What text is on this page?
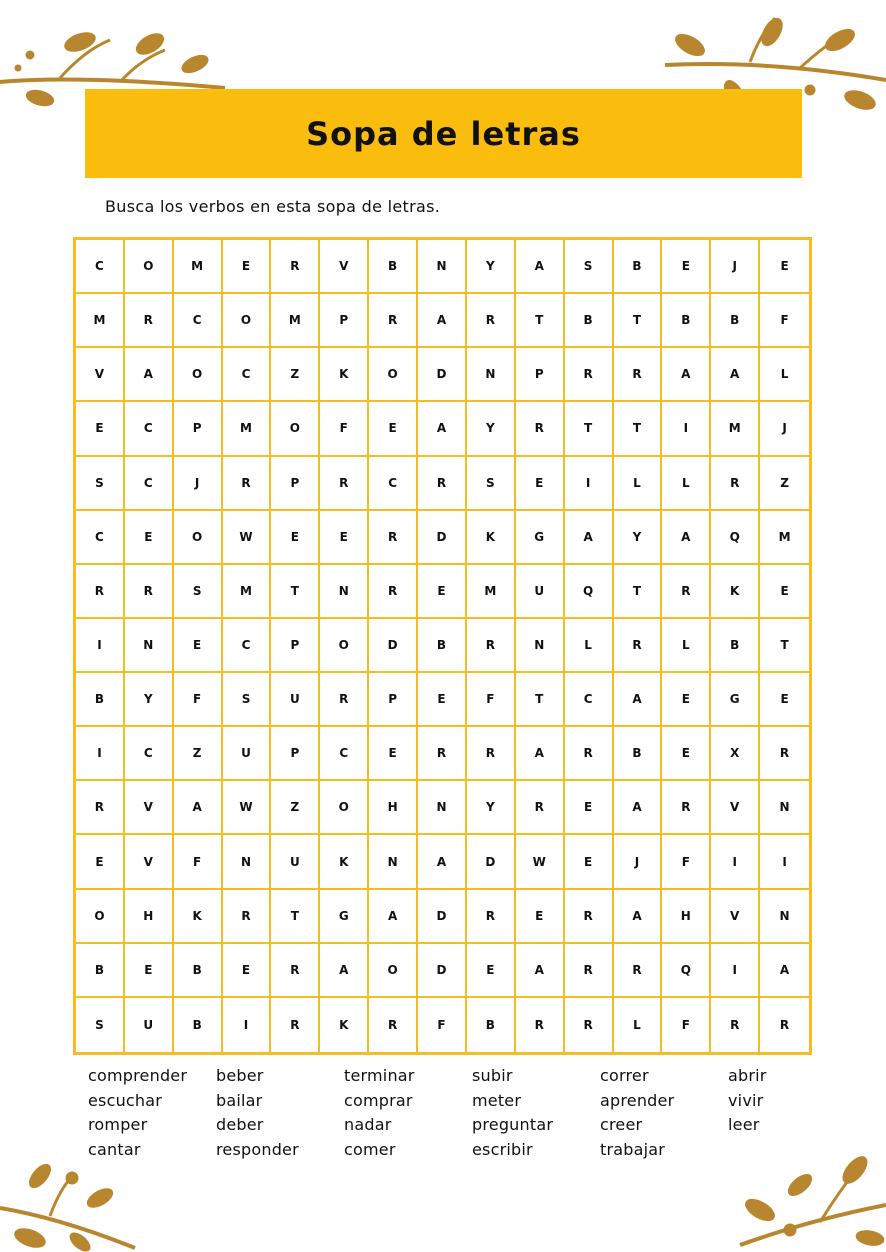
Sopa de letras
Busca los verbos en esta sopa de letras.
C	O	M	E	R	V	B	N	Y	A	S	B	E	J	E
M	R	C	O	M	P	R	A	R	T	B	T	B	B	F
V	A	O	C	Z	K	O	D	N	P	R	R	A	A	L
E	C	P	M	O	F	E	A	Y	R	T	T	I	M	J
S	C	J	R	P	R	C	R	S	E	I	L	L	R	Z
C	E	O	W	E	E	R	D	K	G	A	Y	A	Q	M
R	R	S	M	T	N	R	E	M	U	Q	T	R	K	E
I	N	E	C	P	O	D	B	R	N	L	R	L	B	T
B	Y	F	S	U	R	P	E	F	T	C	A	E	G	E
I	C	Z	U	P	C	E	R	R	A	R	B	E	X	R
R	V	A	W	Z	O	H	N	Y	R	E	A	R	V	N
E	V	F	N	U	K	N	A	D	W	E	J	F	I	I
O	H	K	R	T	G	A	D	R	E	R	A	H	V	N
B	E	B	E	R	A	O	D	E	A	R	R	Q	I	A
S	U	B	I	R	K	R	F	B	R	R	L	F	R	R
comprender
escuchar
romper
cantar
beber
bailar
deber
responder
terminar
comprar
nadar
comer
subir
meter
preguntar
escribir
correr
aprender
creer
trabajar
abrir
vivir
leer
